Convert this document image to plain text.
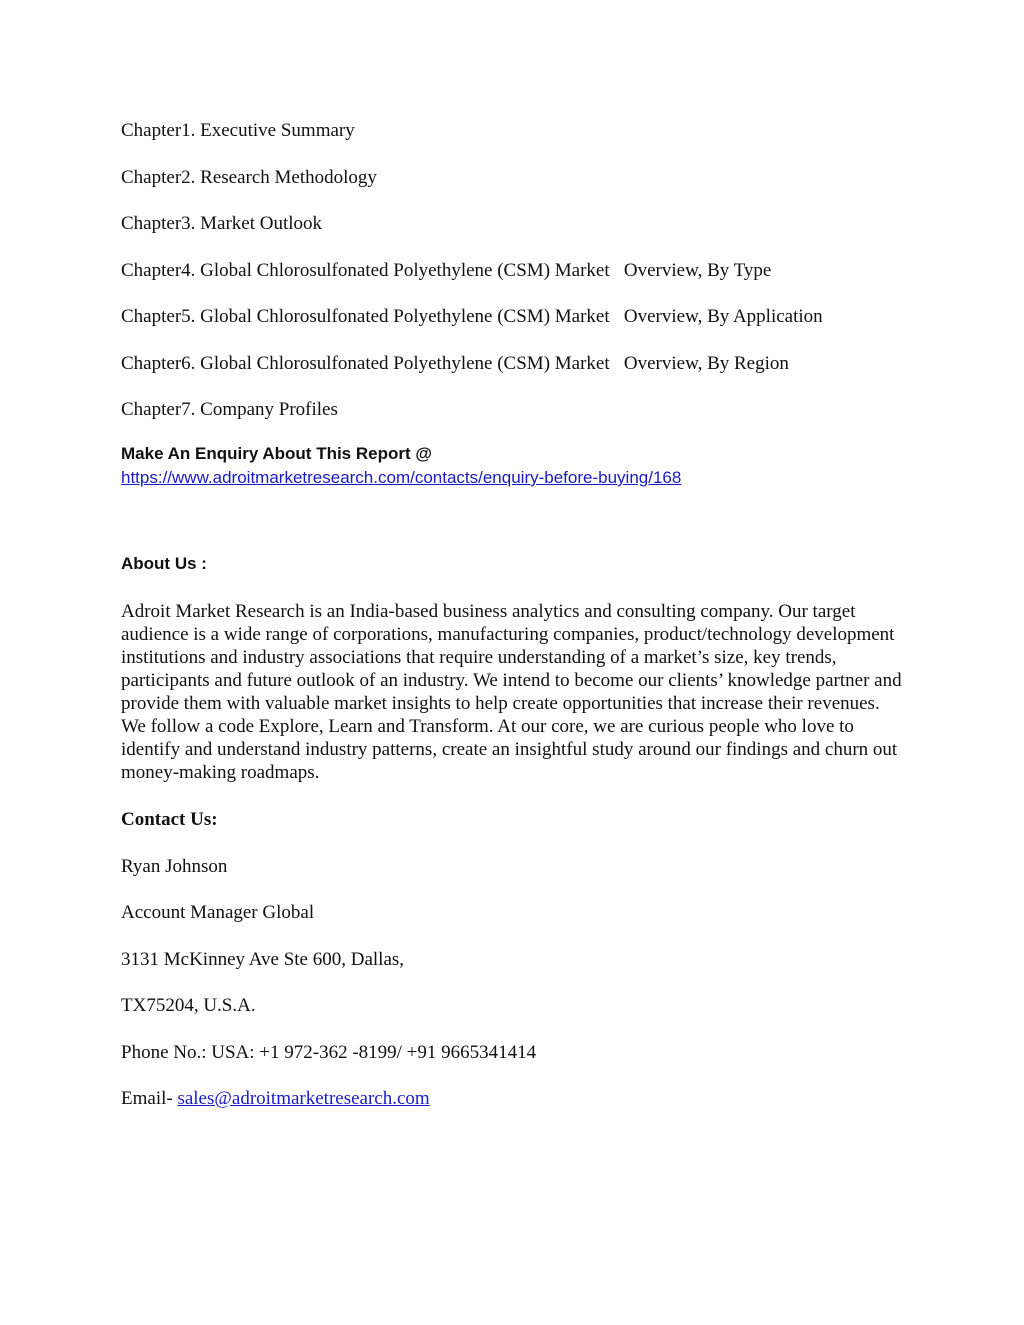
Chapter1. Executive Summary

Chapter2. Research Methodology

Chapter3. Market Outlook

Chapter4. Global Chlorosulfonated Polyethylene (CSM) Market   Overview, By Type

Chapter5. Global Chlorosulfonated Polyethylene (CSM) Market   Overview, By Application

Chapter6. Global Chlorosulfonated Polyethylene (CSM) Market   Overview, By Region

Chapter7. Company Profiles

Make An Enquiry About This Report @

https://www.adroitmarketresearch.com/contacts/enquiry-before-buying/168

About Us :

Adroit Market Research is an India-based business analytics and consulting company. Our target audience is a wide range of corporations, manufacturing companies, product/technology development institutions and industry associations that require understanding of a market’s size, key trends, participants and future outlook of an industry. We intend to become our clients’ knowledge partner and provide them with valuable market insights to help create opportunities that increase their revenues. We follow a code Explore, Learn and Transform. At our core, we are curious people who love to identify and understand industry patterns, create an insightful study around our findings and churn out money-making roadmaps.

Contact Us:

Ryan Johnson

Account Manager Global

3131 McKinney Ave Ste 600, Dallas,

TX75204, U.S.A.

Phone No.: USA: +1 972-362 -8199/ +91 9665341414

Email- sales@adroitmarketresearch.com
